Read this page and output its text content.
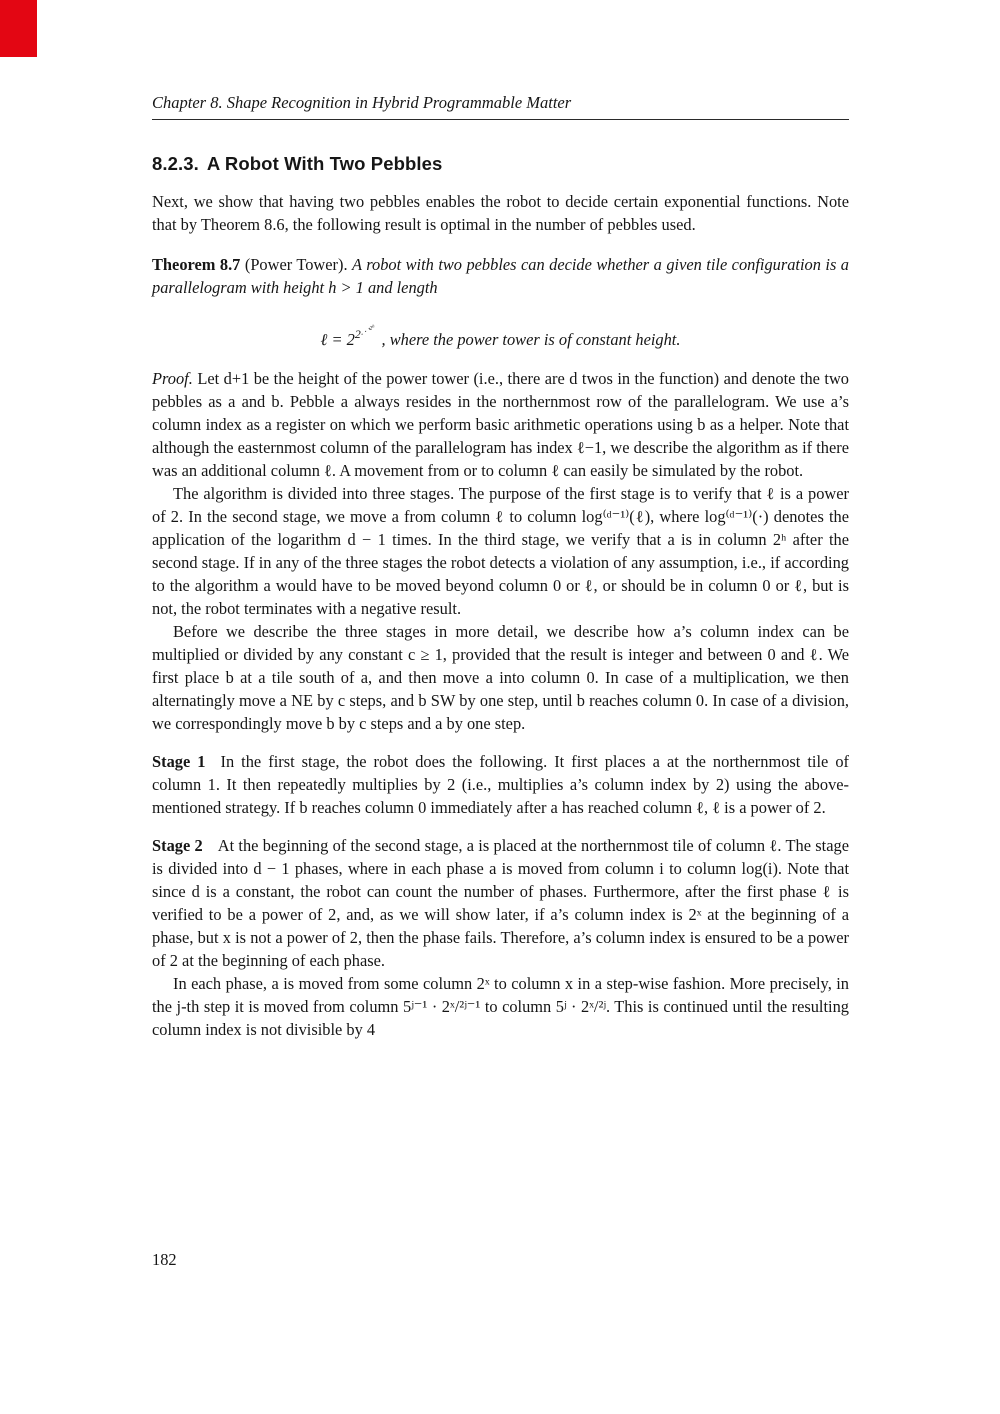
Chapter 8. Shape Recognition in Hybrid Programmable Matter
8.2.3. A Robot With Two Pebbles

Next, we show that having two pebbles enables the robot to decide certain exponential functions. Note that by Theorem 8.6, the following result is optimal in the number of pebbles used.

Theorem 8.7 (Power Tower). A robot with two pebbles can decide whether a given tile configuration is a parallelogram with height h > 1 and length

ℓ = $2^{2^{⋰^{2^h}}}$, where the power tower is of constant height.

Proof. Let d+1 be the height of the power tower (i.e., there are d twos in the function) and denote the two pebbles as a and b. Pebble a always resides in the northernmost row of the parallelogram. We use a’s column index as a register on which we perform basic arithmetic operations using b as a helper. Note that although the easternmost column of the parallelogram has index ℓ−1, we describe the algorithm as if there was an additional column ℓ. A movement from or to column ℓ can easily be simulated by the robot.

The algorithm is divided into three stages. The purpose of the first stage is to verify that ℓ is a power of 2. In the second stage, we move a from column ℓ to column log⁽ᵈ⁻¹⁾(ℓ), where log⁽ᵈ⁻¹⁾(·) denotes the application of the logarithm d − 1 times. In the third stage, we verify that a is in column 2ʰ after the second stage. If in any of the three stages the robot detects a violation of any assumption, i.e., if according to the algorithm a would have to be moved beyond column 0 or ℓ, or should be in column 0 or ℓ, but is not, the robot terminates with a negative result.

Before we describe the three stages in more detail, we describe how a’s column index can be multiplied or divided by any constant c ≥ 1, provided that the result is integer and between 0 and ℓ. We first place b at a tile south of a, and then move a into column 0. In case of a multiplication, we then alternatingly move a NE by c steps, and b SW by one step, until b reaches column 0. In case of a division, we correspondingly move b by c steps and a by one step.

Stage 1 In the first stage, the robot does the following. It first places a at the northernmost tile of column 1. It then repeatedly multiplies by 2 (i.e., multiplies a’s column index by 2) using the above-mentioned strategy. If b reaches column 0 immediately after a has reached column ℓ, ℓ is a power of 2.

Stage 2 At the beginning of the second stage, a is placed at the northernmost tile of column ℓ. The stage is divided into d − 1 phases, where in each phase a is moved from column i to column log(i). Note that since d is a constant, the robot can count the number of phases. Furthermore, after the first phase ℓ is verified to be a power of 2, and, as we will show later, if a’s column index is 2ˣ at the beginning of a phase, but x is not a power of 2, then the phase fails. Therefore, a’s column index is ensured to be a power of 2 at the beginning of each phase.

In each phase, a is moved from some column 2ˣ to column x in a step-wise fashion. More precisely, in the j-th step it is moved from column 5ʲ⁻¹ · 2ˣ/²ʲ⁻¹ to column 5ʲ · 2ˣ/²ʲ. This is continued until the resulting column index is not divisible by 4

182
